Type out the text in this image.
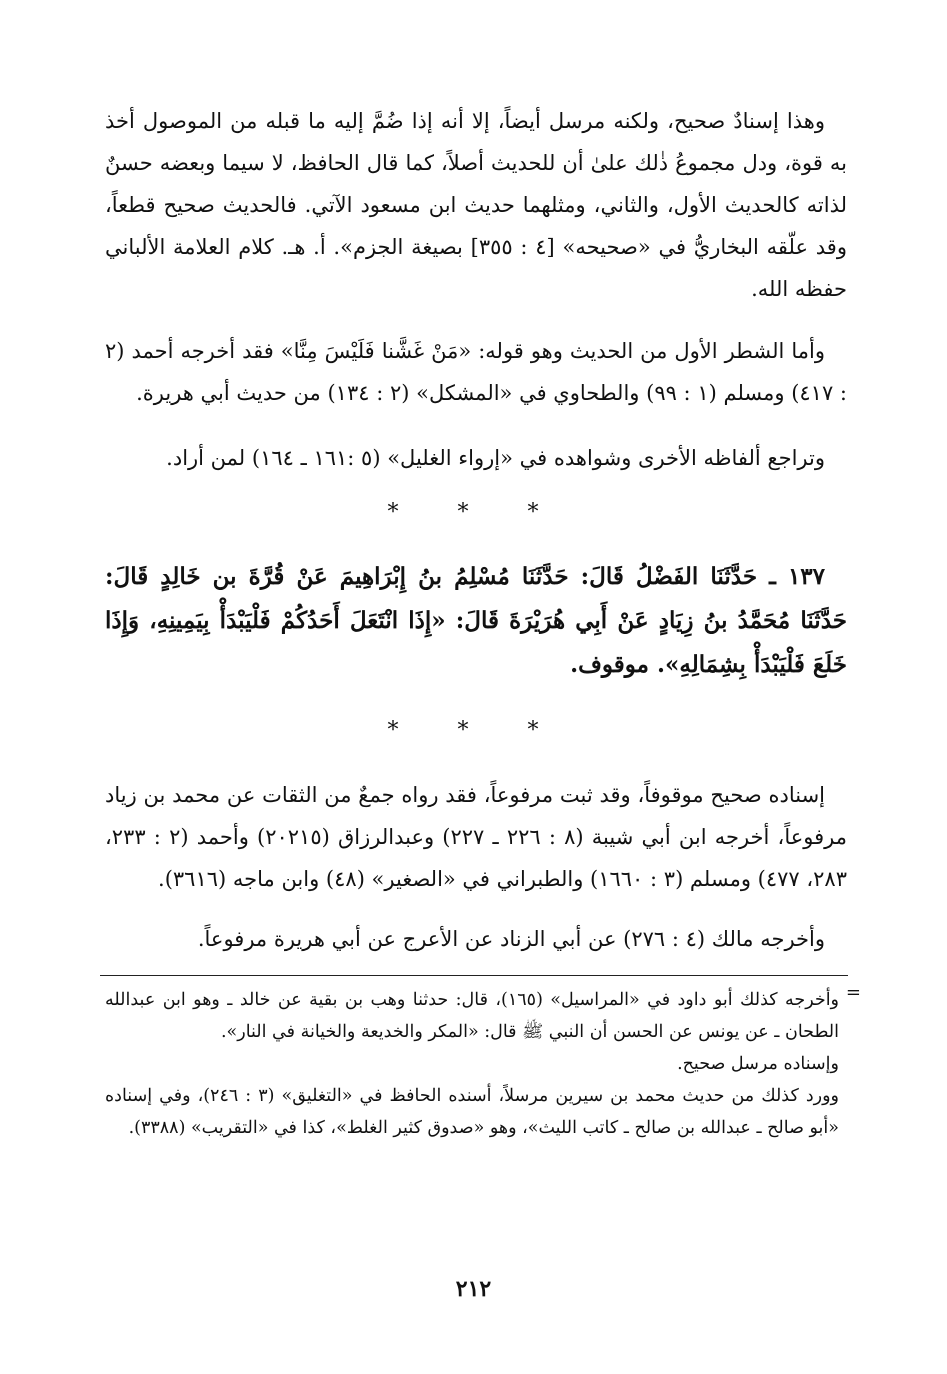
وهذا إسنادٌ صحيح، ولكنه مرسل أيضاً، إلا أنه إذا ضُمَّ إليه ما قبله من الموصول أخذ به قوة، ودل مجموعُ ذٰلك علىٰ أن للحديث أصلاً، كما قال الحافظ، لا سيما وبعضه حسنٌ لذاته كالحديث الأول، والثاني، ومثلهما حديث ابن مسعود الآتي. فالحديث صحيح قطعاً، وقد علّقه البخاريُّ في «صحيحه» [٤ : ٣٥٥] بصيغة الجزم». أ. هـ. كلام العلامة الألباني حفظه الله.

وأما الشطر الأول من الحديث وهو قوله: «مَنْ غَشَّنا فَلَيْسَ مِنَّا» فقد أخرجه أحمد (٢ : ٤١٧) ومسلم (١ : ٩٩) والطحاوي في «المشكل» (٢ : ١٣٤) من حديث أبي هريرة.

وتراجع ألفاظه الأخرى وشواهده في «إرواء الغليل» (٥ :١٦١ ـ ١٦٤) لمن أراد.

* * *

١٣٧ ـ حَدَّثَنَا الفَضْلُ قَالَ: حَدَّثَنَا مُسْلِمُ بنُ إِبْرَاهِيمَ عَنْ قُرَّةَ بن خَالِدٍ قَالَ: حَدَّثَنَا مُحَمَّدُ بنُ زِيَادٍ عَنْ أَبِي هُرَيْرَةَ قَالَ: «إِذَا انْتَعَلَ أَحَدُكُمْ فَلْيَبْدَأْ بِيَمِينِهِ، وَإِذَا خَلَعَ فَلْيَبْدَأْ بِشِمَالِهِ». موقوف.

* * *

إسناده صحيح موقوفاً، وقد ثبت مرفوعاً، فقد رواه جمعٌ من الثقات عن محمد بن زياد مرفوعاً، أخرجه ابن أبي شيبة (٨ : ٢٢٦ ـ ٢٢٧) وعبدالرزاق (٢٠٢١٥) وأحمد (٢ : ٢٣٣، ٢٨٣، ٤٧٧) ومسلم (٣ : ١٦٦٠) والطبراني في «الصغير» (٤٨) وابن ماجه (٣٦١٦).

وأخرجه مالك (٤ : ٢٧٦) عن أبي الزناد عن الأعرج عن أبي هريرة مرفوعاً.

=

وأخرجه كذلك أبو داود في «المراسيل» (١٦٥)، قال: حدثنا وهب بن بقية عن خالد ـ وهو ابن عبدالله الطحان ـ عن يونس عن الحسن أن النبي ﷺ قال: «المكر والخديعة والخيانة في النار».

وإسناده مرسل صحيح.

وورد كذلك من حديث محمد بن سيرين مرسلاً، أسنده الحافظ في «التغليق» (٣ : ٢٤٦)، وفي إسناده «أبو صالح ـ عبدالله بن صالح ـ كاتب الليث»، وهو «صدوق كثير الغلط»، كذا في «التقريب» (٣٣٨٨).

٢١٢
